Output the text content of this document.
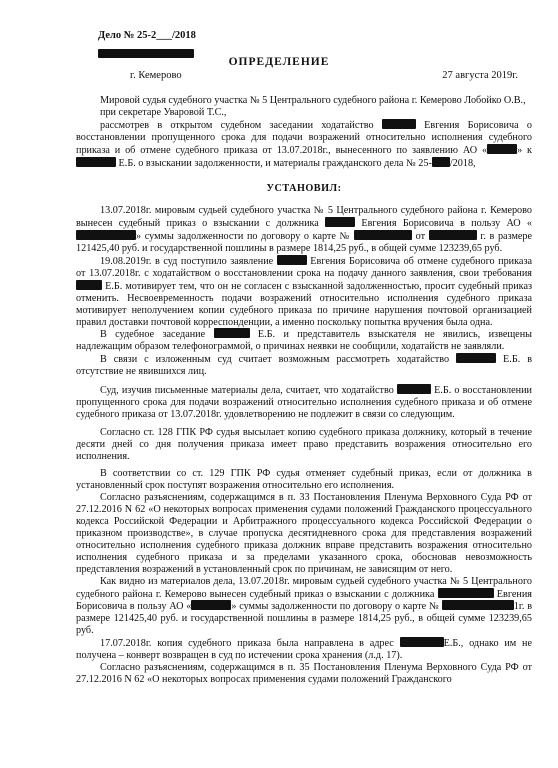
Дело № 25-2___/2018
ОПРЕДЕЛЕНИЕ
г. Кемерово	27 августа 2019г.

Мировой судья судебного участка № 5 Центрального судебного района г. Кемерово Лобойко О.В.,

при секретаре Уваровой Т.С.,

рассмотрев в открытом судебном заседании ходатайство	Евгения Борисовича о восстановлении пропущенного срока для подачи возражений относительно исполнения судебного приказа и об отмене судебного приказа от 13.07.2018г., вынесенного по заявлению АО «	» к  Е.Б. о взыскании задолженности, и материалы гражданского дела № 25- /2018,

УСТАНОВИЛ:

13.07.2018г. мировым судьей судебного участка № 5 Центрального судебного района г. Кемерово вынесен судебный приказ о взыскании с должника	Евгения Борисовича в пользу АО «» суммы задолженности по договору о карте №	от	г. в размере 121425,40 руб. и государственной пошлины в размере 1814,25 руб., в общей сумме 123239,65 руб.

19.08.2019г. в суд поступило заявление	Евгения Борисовича об отмене судебного приказа от 13.07.2018г. с ходатайством о восстановлении срока на подачу данного заявления, свои требования  Е.Б. мотивирует тем, что он не согласен с взысканной задолженностью, просит судебный приказ отменить. Несвоевременность подачи возражений относительно исполнения судебного приказа мотивирует неполучением копии судебного приказа по причине нарушения почтовой организацией правил доставки почтовой корреспонденции, а именно поскольку попытка вручения была одна.

В судебное заседание	Е.Б. и представитель взыскателя не явились, извещены надлежащим образом телефонограммой, о причинах неявки не сообщили, ходатайств не заявляли.

В связи с изложенным суд считает возможным рассмотреть ходатайство	Е.Б. в отсутствие не явившихся лиц.

Суд, изучив письменные материалы дела, считает, что ходатайство	Е.Б. о восстановлении пропущенного срока для подачи возражений относительно исполнения судебного приказа и об отмене судебного приказа от 13.07.2018г. удовлетворению не подлежит в связи со следующим.

Согласно ст. 128 ГПК РФ судья высылает копию судебного приказа должнику, который в течение десяти дней со дня получения приказа имеет право представить возражения относительно его исполнения.

В соответствии со ст. 129 ГПК РФ судья отменяет судебный приказ, если от должника в установленный срок поступят возражения относительно его исполнения.

Согласно разъяснениям, содержащимся в п. 33 Постановления Пленума Верховного Суда РФ от 27.12.2016 N 62 «О некоторых вопросах применения судами положений Гражданского процессуального кодекса Российской Федерации и Арбитражного процессуального кодекса Российской Федерации о приказном производстве», в случае пропуска десятидневного срока для представления возражений относительно исполнения судебного приказа должник вправе представить возражения относительно исполнения судебного приказа и за пределами указанного срока, обосновав невозможность представления возражений в установленный срок по причинам, не зависящим от него.

Как видно из материалов дела, 13.07.2018г. мировым судьей судебного участка № 5 Центрального судебного района г. Кемерово вынесен судебный приказ о взыскании с должника	Евгения Борисовича в пользу АО «	» суммы задолженности по договору о карте №	1г. в размере 121425,40 руб. и государственной пошлины в размере 1814,25 руб., в общей сумме 123239,65 руб.

17.07.2018г. копия судебного приказа была направлена в адрес	Е.Б., однако им не получена – конверт возвращен в суд по истечении срока хранения (л.д. 17).

Согласно разъяснениям, содержащимся в п. 35 Постановления Пленума Верховного Суда РФ от 27.12.2016 N 62 «О некоторых вопросах применения судами положений Гражданского
